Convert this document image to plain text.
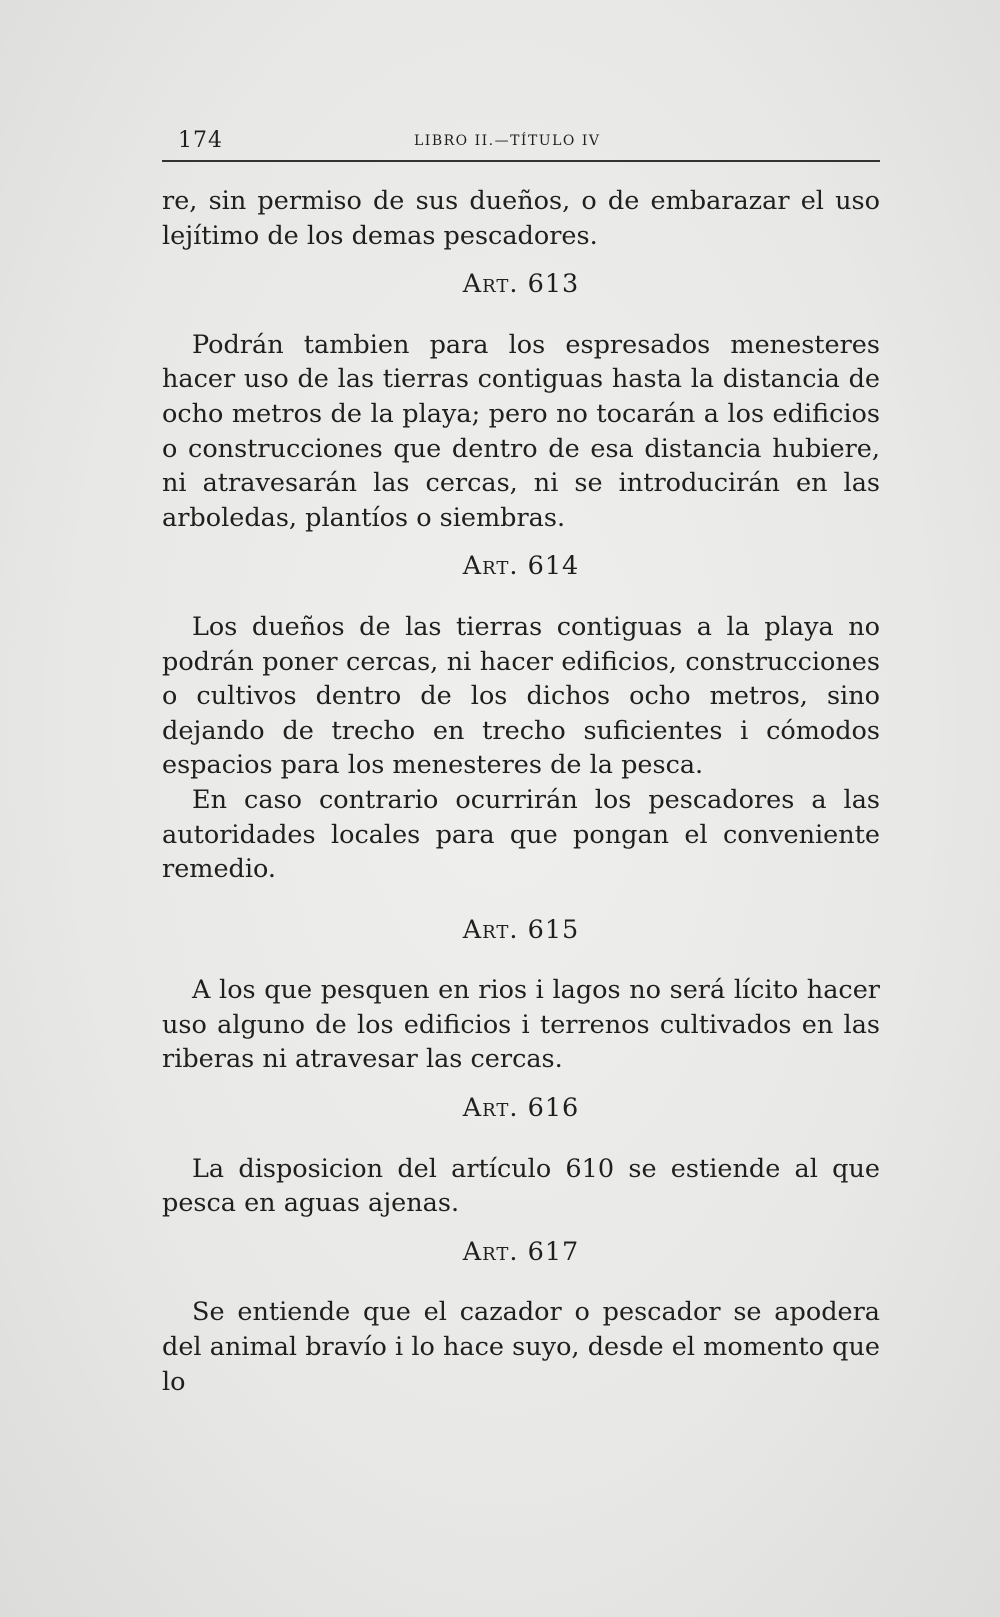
174	LIBRO II.—TÍTULO IV

re, sin permiso de sus dueños, o de embarazar el uso lejítimo de los demas pescadores.

Art. 613

Podrán tambien para los espresados menesteres hacer uso de las tierras contiguas hasta la distancia de ocho metros de la playa; pero no tocarán a los edificios o construcciones que dentro de esa distancia hubiere, ni atravesarán las cercas, ni se introducirán en las arboledas, plantíos o siembras.

Art. 614

Los dueños de las tierras contiguas a la playa no podrán poner cercas, ni hacer edificios, construcciones o cultivos dentro de los dichos ocho metros, sino dejando de trecho en trecho suficientes i cómodos espacios para los menesteres de la pesca.

En caso contrario ocurrirán los pescadores a las autoridades locales para que pongan el conveniente remedio.

Art. 615

A los que pesquen en rios i lagos no será lícito hacer uso alguno de los edificios i terrenos cultivados en las riberas ni atravesar las cercas.

Art. 616

La disposicion del artículo 610 se estiende al que pesca en aguas ajenas.

Art. 617

Se entiende que el cazador o pescador se apodera del animal bravío i lo hace suyo, desde el momento que lo
